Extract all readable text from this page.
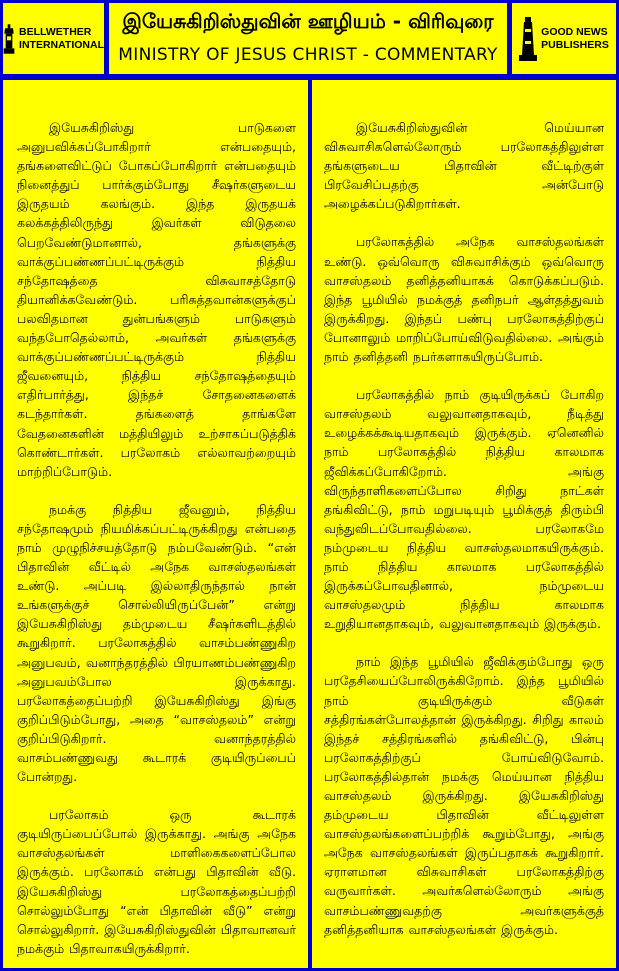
BELLWETHER
INTERNATIONAL
இயேசுகிறிஸ்துவின் ஊழியம் - விரிவுரை
MINISTRY OF JESUS CHRIST - COMMENTARY
GOOD NEWS
PUBLISHERS

இயேசுகிறிஸ்து பாடுகளை அனுபவிக்கப்போகிறார் என்பதையும், தங்களைவிட்டுப் போகப்போகிறார் என்பதையும் நினைத்துப் பார்க்கும்போது சீஷர்களுடைய இருதயம் கலங்கும். இந்த இருதயக் கலக்கத்திலிருந்து இவர்கள் விடுதலை பெறவேண்டுமானால், தங்களுக்கு வாக்குப்பண்ணப்பட்டிருக்கும் நித்திய சந்தோஷத்தை விசுவாசத்தோடு தியானிக்கவேண்டும். பரிசுத்தவான்களுக்குப் பலவிதமான துன்பங்களும் பாடுகளும் வந்தபோதெல்லாம், அவர்கள் தங்களுக்கு வாக்குப்பண்ணப்பட்டிருக்கும் நித்திய ஜீவனையும், நித்திய சந்தோஷத்தையும் எதிர்பார்த்து, இந்தச் சோதனைகளைக் கடந்தார்கள். தங்களைத் தாங்களே வேதனைகளின் மத்தியிலும் உற்சாகப்படுத்திக் கொண்டார்கள். பரலோகம் எல்லாவற்றையும் மாற்றிப்போடும்.

நமக்கு நித்திய ஜீவனும், நித்திய சந்தோஷமும் நியமிக்கப்பட்டிருக்கிறது என்பதை நாம் முழுநிச்சயத்தோடு நம்பவேண்டும். “என் பிதாவின் வீட்டில் அநேக வாசஸ்தலங்கள் உண்டு. அப்படி இல்லாதிருந்தால் நான் உங்களுக்குச் சொல்லியிருப்பேன்” என்று இயேசுகிறிஸ்து தம்முடைய சீஷர்களிடத்தில் கூறுகிறார். பரலோகத்தில் வாசம்பண்ணுகிற அனுபவம், வனாந்தரத்தில் பிரயாணம்பண்ணுகிற அனுபவம்போல இருக்காது. பரலோகத்தைப்பற்றி இயேசுகிறிஸ்து இங்கு குறிப்பிடும்போது, அதை “வாசஸ்தலம்” என்று குறிப்பிடுகிறார். வனாந்தரத்தில் வாசம்பண்ணுவது கூடாரக் குடியிருப்பைப் போன்றது.

பரலோகம் ஒரு கூடாரக் குடியிருப்பைப்போல் இருக்காது. அங்கு அநேக வாசஸ்தலங்கள் மாளிகைகளைப்போல இருக்கும். பரலோகம் என்பது பிதாவின் வீடு. இயேசுகிறிஸ்து பரலோகத்தைப்பற்றி சொல்லும்போது “என் பிதாவின் வீடு” என்று சொல்லுகிறார். இயேசுகிறிஸ்துவின் பிதாவானவர் நமக்கும் பிதாவாகயிருக்கிறார்.

இயேசுகிறிஸ்துவின் மெய்யான விசுவாசிகளெல்லோரும் பரலோகத்திலுள்ள தங்களுடைய பிதாவின் வீட்டிற்குள் பிரவேசிப்பதற்கு அன்போடு அழைக்கப்படுகிறார்கள்.

பரலோகத்தில் அநேக வாசஸ்தலங்கள் உண்டு. ஒவ்வொரு விசுவாசிக்கும் ஒவ்வொரு வாசஸ்தலம் தனித்தனியாகக் கொடுக்கப்படும். இந்த பூமியில் நமக்குத் தனிநபர் ஆள்தத்துவம் இருக்கிறது. இந்தப் பண்பு பரலோகத்திற்குப் போனாலும் மாறிப்போய்விடுவதில்லை. அங்கும் நாம் தனித்தனி நபர்களாகயிருப்போம்.

பரலோகத்தில் நாம் குடியிருக்கப் போகிற வாசஸ்தலம் வலுவானதாகவும், நீடித்து உழைக்கக்கூடியதாகவும் இருக்கும். ஏனெனில் நாம் பரலோகத்தில் நித்திய காலமாக ஜீவிக்கப்போகிறோம். அங்கு விருந்தாளிகளைப்போல சிறிது நாட்கள் தங்கிவிட்டு, நாம் மறுபடியும் பூமிக்குத் திரும்பி வந்துவிடப்போவதில்லை. பரலோகமே நம்முடைய நித்திய வாசஸ்தலமாகயிருக்கும். நாம் நித்திய காலமாக பரலோகத்தில் இருக்கப்போவதினால், நம்முடைய வாசஸ்தலமும் நித்திய காலமாக உறுதியானதாகவும், வலுவானதாகவும் இருக்கும்.

நாம் இந்த பூமியில் ஜீவிக்கும்போது ஒரு பரதேசியைப்போலிருக்கிறோம். இந்த பூமியில் நாம் குடியிருக்கும் வீடுகள் சத்திரங்கள்போலத்தான் இருக்கிறது. சிறிது காலம் இந்தச் சத்திரங்களில் தங்கிவிட்டு, பின்பு பரலோகத்திற்குப் போய்விடுவோம். பரலோகத்தில்தான் நமக்கு மெய்யான நித்திய வாசஸ்தலம் இருக்கிறது. இயேசுகிறிஸ்து தம்முடைய பிதாவின் வீட்டிலுள்ள வாசஸ்தலங்களைப்பற்றிக் கூறும்போது, அங்கு அநேக வாசஸ்தலங்கள் இருப்பதாகக் கூறுகிறார். ஏராளமான விசுவாசிகள் பரலோகத்திற்கு வருவார்கள். அவர்களெல்லோரும் அங்கு வாசம்பண்ணுவதற்கு அவர்களுக்குத் தனித்தனியாக வாசஸ்தலங்கள் இருக்கும்.
